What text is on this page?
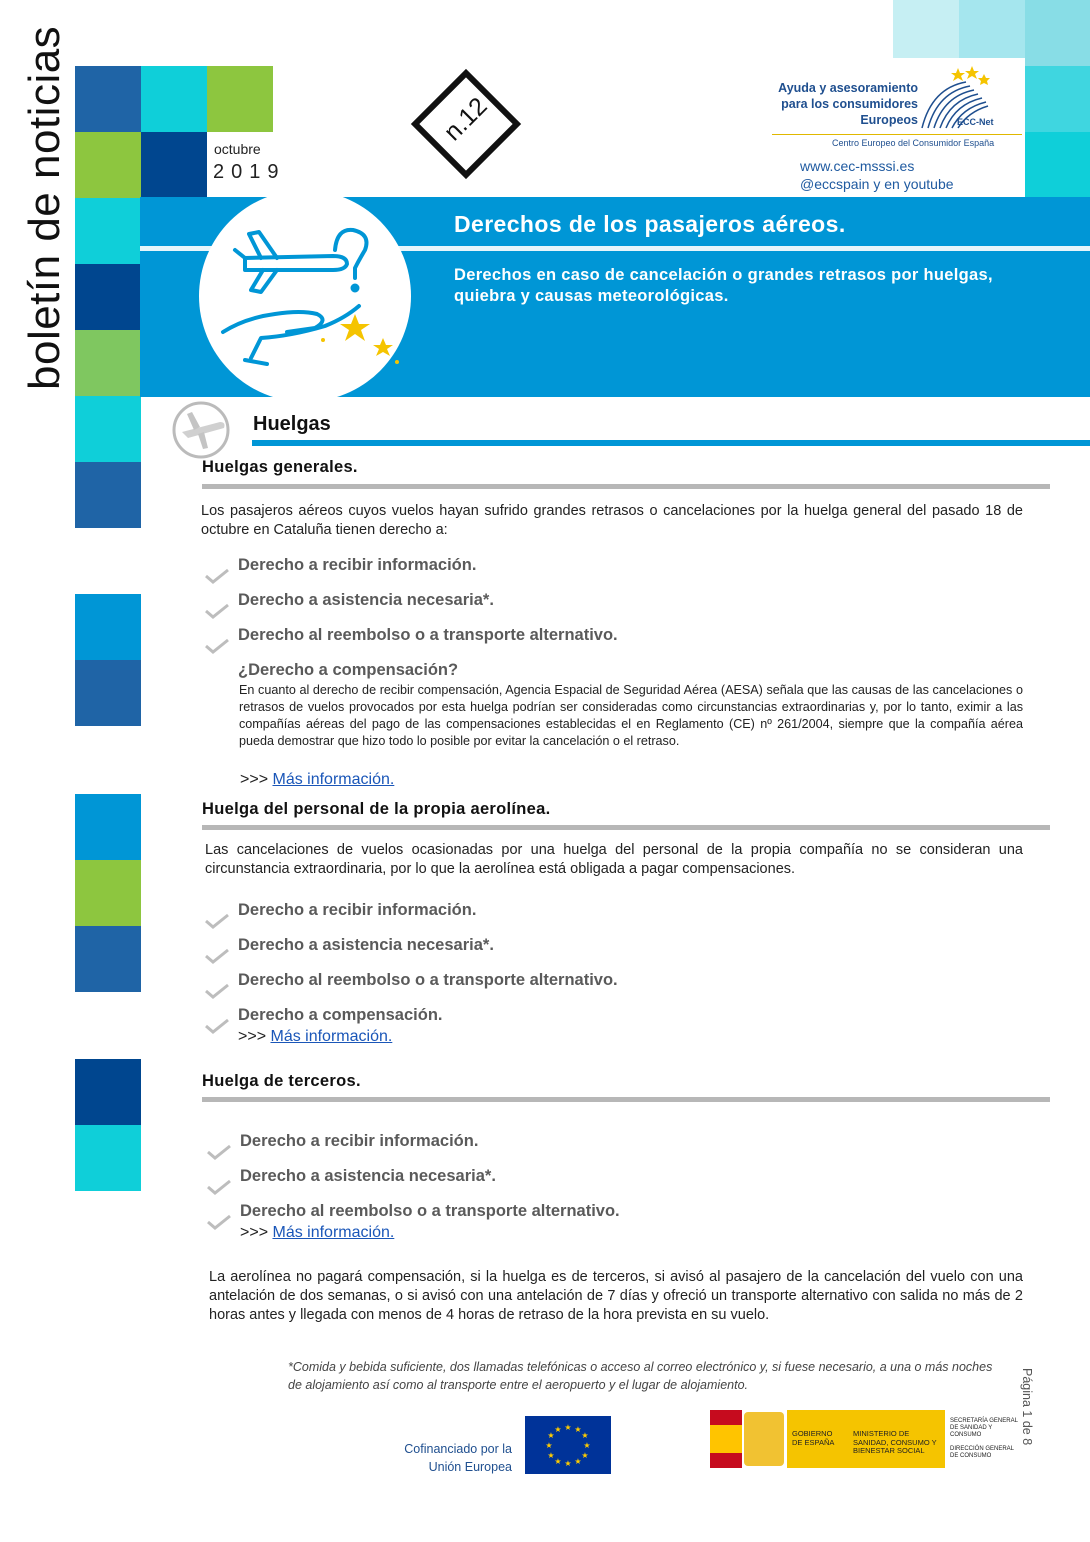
boletín de noticias	octubre
2019
n.12
Ayuda y asesoramiento para los consumidores Europeos	ECC-Net
Centro Europeo del Consumidor España
www.cec-msssi.es
@eccspain y en youtube
Derechos de los pasajeros aéreos.
Derechos en caso de cancelación o grandes retrasos por huelgas, quiebra y causas meteorológicas.
Huelgas
Huelgas generales.
Los pasajeros aéreos cuyos vuelos hayan sufrido grandes retrasos o cancelaciones por la huelga general del pasado 18 de octubre en Cataluña tienen derecho a:
Derecho a recibir información.
Derecho a asistencia necesaria*.
Derecho al reembolso o a transporte alternativo.
¿Derecho a compensación?
En cuanto al derecho de recibir compensación, Agencia Espacial de Seguridad Aérea (AESA) señala que las causas de las cancelaciones o retrasos de vuelos provocados por esta huelga podrían ser consideradas como circunstancias extraordinarias y, por lo tanto, eximir a las compañías aéreas del pago de las compensaciones establecidas el en Reglamento (CE) nº 261/2004, siempre que la compañía aérea pueda demostrar que hizo todo lo posible por evitar la cancelación o el retraso.
>>> Más información.
Huelga del personal de la propia aerolínea.
Las cancelaciones de vuelos ocasionadas por una huelga del personal de la propia compañía no se consideran una circunstancia extraordinaria, por lo que la aerolínea está obligada a pagar compensaciones.
Derecho a recibir información.
Derecho a asistencia necesaria*.
Derecho al reembolso o a transporte alternativo.
Derecho a compensación.
>>> Más información.
Huelga de terceros.
Derecho a recibir información.
Derecho a asistencia necesaria*.
Derecho al reembolso o a transporte alternativo.
>>> Más información.
La aerolínea no pagará compensación, si la huelga es de terceros, si avisó al pasajero de la cancelación del vuelo con una antelación de dos semanas, o si avisó con una antelación de 7 días y ofreció un transporte alternativo con salida no más de 2 horas antes y llegada con menos de 4 horas de retraso de la hora prevista en su vuelo.
*Comida y bebida suficiente, dos llamadas telefónicas o acceso al correo electrónico y, si fuese necesario, a una o más noches de alojamiento así como al transporte entre el aeropuerto y el lugar de alojamiento.	Página 1 de 8
Cofinanciado por la Unión Europea
★ ★
★
★
★
★
★
★
★
★
★
★	GOBIERNO DE ESPAÑA
MINISTERIO DE SANIDAD, CONSUMO Y BIENESTAR SOCIAL
SECRETARÍA GENERAL DE SANIDAD Y CONSUMO
DIRECCIÓN GENERAL DE CONSUMO
